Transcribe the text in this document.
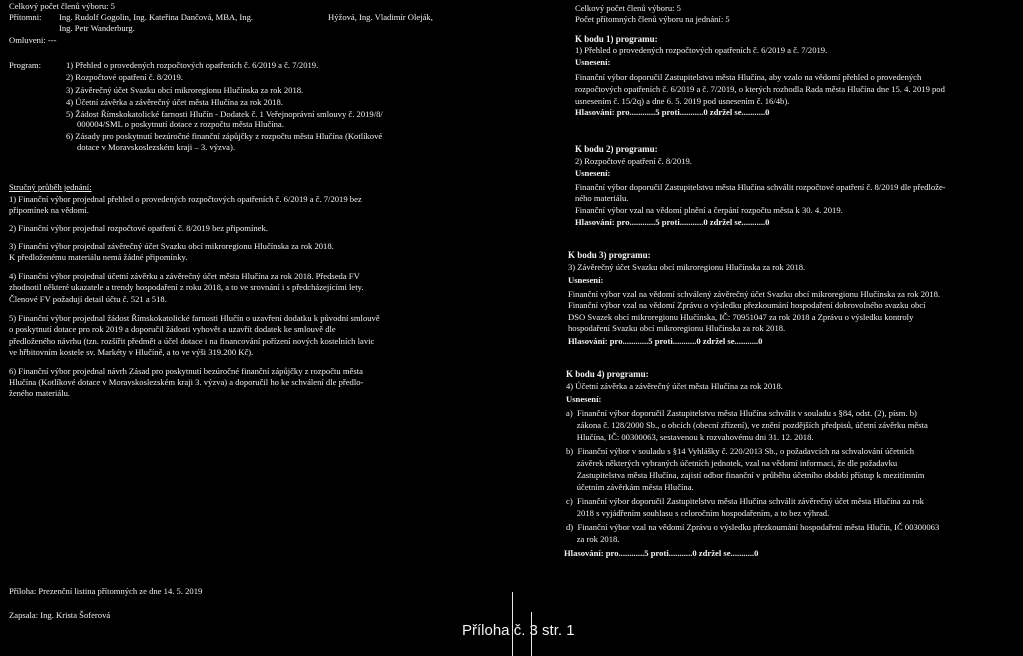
Celkový počet členů výboru: 5
Přítomni: Ing. Rudolf Gogolin, Ing. Kateřina Dančová, MBA, Ing.	Hýžová, Ing. Vladimír Oleják,
Ing. Petr Wanderburg.
Omluveni: ---
Program:	1) Přehled o provedených rozpočtových opatřeních č. 6/2019 a č. 7/2019.
2) Rozpočtové opatření č. 8/2019.
3) Závěrečný účet Svazku obcí mikroregionu Hlučínska za rok 2018.
4) Účetní závěrka a závěrečný účet města Hlučína za rok 2018.
5) Žádost Římskokatolické farnosti Hlučín - Dodatek č. 1 Veřejnoprávní smlouvy č. 2019/8/
000004/SML o poskytnutí dotace z rozpočtu města Hlučína.
6) Zásady pro poskytnutí bezúročné finanční zápůjčky z rozpočtu města Hlučína (Kotlíkové
dotace v Moravskoslezském kraji – 3. výzva).
Stručný průběh jednání:
1) Finanční výbor projednal přehled o provedených rozpočtových opatřeních č. 6/2019 a č. 7/2019 bez
připomínek na vědomí.
2) Finanční výbor projednal rozpočtové opatření č. 8/2019 bez připomínek.
3) Finanční výbor projednal závěrečný účet Svazku obcí mikroregionu Hlučínska za rok 2018.
K předloženému materiálu nemá žádné připomínky.
4) Finanční výbor projednal účetní závěrku a závěrečný účet města Hlučína za rok 2018. Předseda FV
zhodnotil některé ukazatele a trendy hospodaření z roku 2018, a to ve srovnání i s předcházejícími lety.
Členové FV požadují detail účtu č. 521 a 518.
5) Finanční výbor projednal žádost Římskokatolické farnosti Hlučín o uzavření dodatku k původní smlouvě
o poskytnutí dotace pro rok 2019 a doporučil žádosti vyhovět a uzavřít dodatek ke smlouvě dle
předloženého návrhu (tzn. rozšířit předmět a účel dotace i na financování pořízení nových kostelních lavic
ve hřbitovním kostele sv. Markéty v Hlučíně, a to ve výši 319.200 Kč).
6) Finanční výbor projednal návrh Zásad pro poskytnutí bezúročné finanční zápůjčky z rozpočtu města
Hlučína (Kotlíkové dotace v Moravskoslezském kraji 3. výzva) a doporučil ho ke schválení dle předlo-
ženého materiálu.
Příloha: Prezenční listina přítomných ze dne 14. 5. 2019
Zapsala: Ing. Krista Šoferová
Celkový počet členů výboru: 5
Počet přítomných členů výboru na jednání: 5
K bodu 1) programu:
1) Přehled o provedených rozpočtových opatřeních č. 6/2019 a č. 7/2019.
Usnesení:
Finanční výbor doporučil Zastupitelstvu města Hlučína, aby vzalo na vědomí přehled o provedených
rozpočtových opatřeních č. 6/2019 a č. 7/2019, o kterých rozhodla Rada města Hlučína dne 15. 4. 2019 pod
usnesením č. 15/2q) a dne 6. 5. 2019 pod usnesením č. 16/4b).
Hlasování: pro............5 proti...........0 zdržel se...........0
K bodu 2) programu:
2) Rozpočtové opatření č. 8/2019.
Usnesení:
Finanční výbor doporučil Zastupitelstvu města Hlučína schválit rozpočtové opatření č. 8/2019 dle předlože-
ného materiálu.
Finanční výbor vzal na vědomí plnění a čerpání rozpočtu města k 30. 4. 2019.
Hlasování: pro............5 proti...........0 zdržel se...........0
K bodu 3) programu:
3) Závěrečný účet Svazku obcí mikroregionu Hlučínska za rok 2018.
Usnesení:
Finanční výbor vzal na vědomí schválený závěrečný účet Svazku obcí mikroregionu Hlučínska za rok 2018.
Finanční výbor vzal na vědomí Zprávu o výsledku přezkoumání hospodaření dobrovolného svazku obcí
DSO Svazek obcí mikroregionu Hlučínska, IČ: 70951047 za rok 2018 a Zprávu o výsledku kontroly
hospodaření Svazku obcí mikroregionu Hlučínska za rok 2018.
Hlasování: pro............5 proti...........0 zdržel se...........0
K bodu 4) programu:
4) Účetní závěrka a závěrečný účet města Hlučína za rok 2018.
Usnesení:
a)  Finanční výbor doporučil Zastupitelstvu města Hlučína schválit v souladu s §84, odst. (2), písm. b)
zákona č. 128/2000 Sb., o obcích (obecní zřízení), ve znění pozdějších předpisů, účetní závěrku města
Hlučína, IČ: 00300063, sestavenou k rozvahovému dni 31. 12. 2018.
b)  Finanční výbor v souladu s §14 Vyhlášky č. 220/2013 Sb., o požadavcích na schvalování účetních
závěrek některých vybraných účetních jednotek, vzal na vědomí informaci, že dle požadavku
Zastupitelstva města Hlučína, zajistí odbor finanční v průběhu účetního období přístup k mezitímním
účetním závěrkám města Hlučína.
c)  Finanční výbor doporučil Zastupitelstvu města Hlučína schválit závěrečný účet města Hlučína za rok
2018 s vyjádřením souhlasu s celoročním hospodařením, a to bez výhrad.
d)  Finanční výbor vzal na vědomí Zprávu o výsledku přezkoumání hospodaření města Hlučín, IČ 00300063
za rok 2018.
Hlasování: pro............5 proti...........0 zdržel se...........0
Příloha č. 3 str. 1
